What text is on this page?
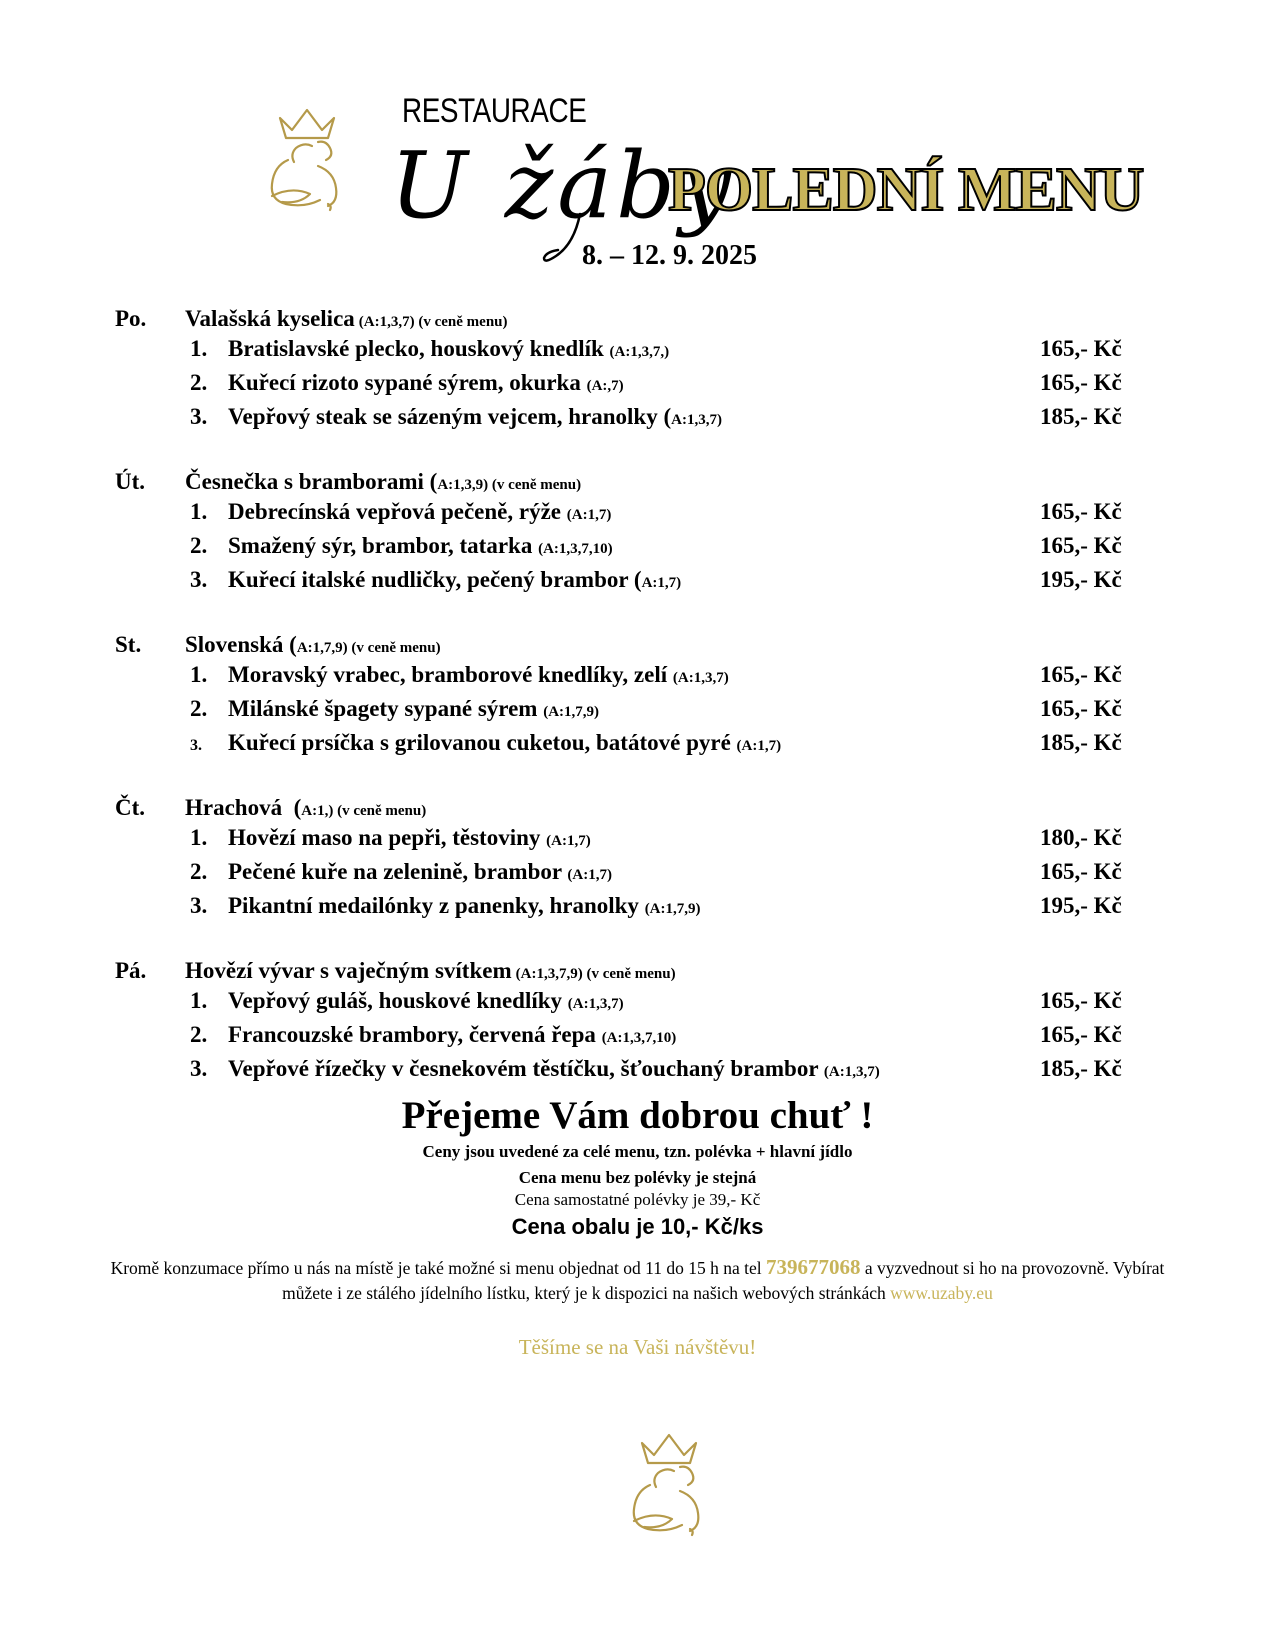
RESTAURACE
U žáby
POLEDNÍ MENU
8. – 12. 9. 2025
Po.	Valašská kyselica
(A:1,3,7) (v ceně menu)
1. Bratislavské plecko, houskový knedlík (A:1,3,7,)	165,- Kč
2. Kuřecí rizoto sypané sýrem, okurka (A:,7)	165,- Kč
3. Vepřový steak se sázeným vejcem, hranolky (A:1,3,7)	185,- Kč
Út.	Česnečka s bramborami ( A:1,3,9) (v ceně menu)
1. Debrecínská vepřová pečeně, rýže (A:1,7)	165,- Kč
2. Smažený sýr, brambor, tatarka (A:1,3,7,10)	165,- Kč
3. Kuřecí italské nudličky, pečený brambor (A:1,7)	195,- Kč
St.	Slovenská ( A:1,7,9) (v ceně menu)
1. Moravský vrabec, bramborové knedlíky, zelí (A:1,3,7)	165,- Kč
2. Milánské špagety sypané sýrem (A:1,7,9)	165,- Kč
3.	Kuřecí prsíčka s grilovanou cuketou, batátové pyré (A:1,7)	185,- Kč
Čt.	Hrachová  ( A:1,) (v ceně menu)
1. Hovězí maso na pepři, těstoviny (A:1,7)	180,- Kč
2. Pečené kuře na zelenině, brambor (A:1,7)	165,- Kč
3. Pikantní medailónky z panenky, hranolky (A:1,7,9)	195,- Kč
Pá.	Hovězí vývar s vaječným svítkem
(A:1,3,7,9) (v ceně menu)
1. Vepřový guláš, houskové knedlíky (A:1,3,7)	165,- Kč
2. Francouzské brambory, červená řepa (A:1,3,7,10)	165,- Kč
3. Vepřové řízečky v česnekovém těstíčku, šťouchaný brambor (A:1,3,7)	185,- Kč
Přejeme Vám dobrou chuť !
Ceny jsou uvedené za celé menu, tzn. polévka + hlavní jídlo
Cena menu bez polévky je stejná
Cena samostatné polévky je 39,- Kč
Cena obalu je 10,- Kč/ks
Kromě konzumace přímo u nás na místě je také možné si menu objednat od 11 do 15 h na tel 739677068 a vyzvednout si ho na provozovně. Vybírat můžete i ze stálého jídelního lístku, který je k dispozici na našich webových stránkách www.uzaby.eu
Těšíme se na Vaši návštěvu!
